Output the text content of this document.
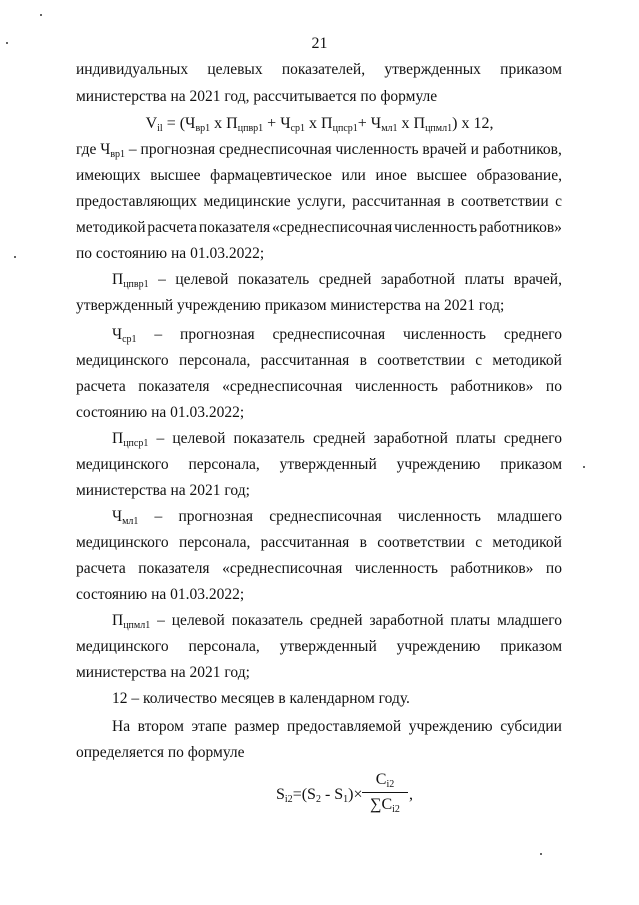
21
индивидуальных целевых показателей, утвержденных приказом
министерства на 2021 год, рассчитывается по формуле
$V_{il} = (Ч_{вр1}$ x $П_{цпвр1} + Ч_{ср1}$ x $П_{цпср1}+ Ч_{мл1}$ x $П_{цпмл1}$) x 12,
где $Ч_{вр1}$ – прогнозная среднесписочная численность врачей и работников,
имеющих высшее фармацевтическое или иное высшее образование,
предоставляющих медицинские услуги, рассчитанная в соответствии с
методикой расчета показателя «среднесписочная численность работников»
по состоянию на 01.03.2022;
$П_{цпвр1}$ – целевой показатель средней заработной платы врачей,
утвержденный учреждению приказом министерства на 2021 год;
$Ч_{ср1}$ – прогнозная среднесписочная численность среднего
медицинского персонала, рассчитанная в соответствии с методикой
расчета показателя «среднесписочная численность работников» по
состоянию на 01.03.2022;
$П_{цпср1}$ – целевой показатель средней заработной платы среднего
медицинского персонала, утвержденный учреждению приказом
министерства на 2021 год;
$Ч_{мл1}$ – прогнозная среднесписочная численность младшего
медицинского персонала, рассчитанная в соответствии с методикой
расчета показателя «среднесписочная численность работников» по
состоянию на 01.03.2022;
$П_{цпмл1}$ – целевой показатель средней заработной платы младшего
медицинского персонала, утвержденный учреждению приказом
министерства на 2021 год;
12 – количество месяцев в календарном году.
На втором этапе размер предоставляемой учреждению субсидии
определяется по формуле
$S_{i2}=(S_2 - S_1)\times$
$C_{i2}$
$\sum C_{i2}$
,
